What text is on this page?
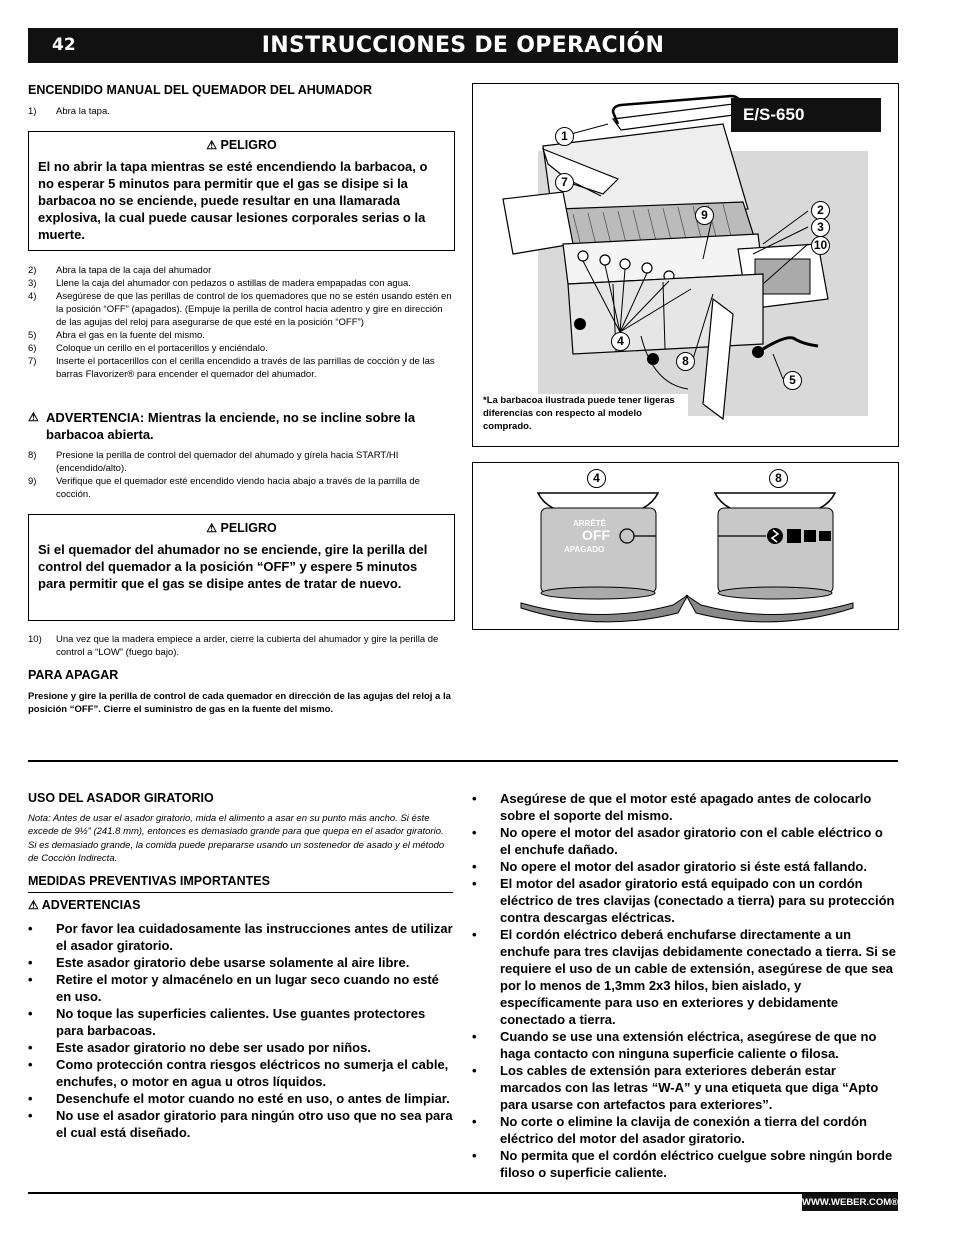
42	INSTRUCCIONES DE OPERACIÓN
ENCENDIDO MANUAL DEL QUEMADOR DEL AHUMADOR
1) Abra la tapa.
⚠ PELIGRO
El no abrir la tapa mientras se esté encendiendo la barbacoa, o no esperar 5 minutos para permitir que el gas se disipe si la barbacoa no se enciende, puede resultar en una llamarada explosiva, la cual puede causar lesiones corporales serias o la muerte.
2) Abra la tapa de la caja del ahumador
3) Llene la caja del ahumador con pedazos o astillas de madera empapadas con agua.
4) Asegúrese de que las perillas de control de los quemadores que no se estén usando estén en la posición “OFF” (apagados). (Empuje la perilla de control hacia adentro y gire en dirección de las agujas del reloj para asegurarse de que esté en la posición “OFF”)
5) Abra el gas en la fuente del mismo.
6) Coloque un cerillo en el portacerillos y enciéndalo.
7) Inserte el portacerillos con el cerilla encendido a través de las parrillas de cocción y de las barras Flavorizer® para encender el quemador del ahumador.
⚠ ADVERTENCIA: Mientras la enciende, no se incline sobre la barbacoa abierta.
8) Presione la perilla de control del quemador del ahumado y gírela hacia START/HI (encendido/alto).
9) Verifique que el quemador esté encendido viendo hacia abajo a través de la parrilla de cocción.
⚠ PELIGRO
Si el quemador del ahumador no se enciende, gire la perilla del control del quemador a la posición “OFF” y espere 5 minutos para permitir que el gas se disipe antes de tratar de nuevo.
10) Una vez que la madera empiece a arder, cierre la cubierta del ahumador y gire la perilla de control a “LOW” (fuego bajo).
PARA APAGAR
Presione y gire la perilla de control de cada quemador en dirección de las agujas del reloj a la posición “OFF”. Cierre el suministro de gas en la fuente del mismo.
E/S-650
1
7
9	2
3
10
4
8
5
*La barbacoa ilustrada puede tener ligeras diferencias con respecto al modelo comprado.
4	8
ARRÊTÉ
OFF
APAGADO
USO DEL ASADOR GIRATORIO
Nota: Antes de usar el asador giratorio, mida el alimento a asar en su punto más ancho. Si éste excede de 9½” (241.8 mm), entonces es demasiado grande para que quepa en el asador giratorio. Si es demasiado grande, la comida puede prepararse usando un sostenedor de asado y el método de Cocción Indirecta.
MEDIDAS PREVENTIVAS IMPORTANTES
⚠ ADVERTENCIAS
• Por favor lea cuidadosamente las instrucciones antes de utilizar el asador giratorio.
• Este asador giratorio debe usarse solamente al aire libre.
• Retire el motor y almacénelo en un lugar seco cuando no esté en uso.
• No toque las superficies calientes. Use guantes protectores para barbacoas.
• Este asador giratorio no debe ser usado por niños.
• Como protección contra riesgos eléctricos no sumerja el cable, enchufes, o motor en agua u otros líquidos.
• Desenchufe el motor cuando no esté en uso, o antes de limpiar.
• No use el asador giratorio para ningún otro uso que no sea para el cual está diseñado.
• Asegúrese de que el motor esté apagado antes de colocarlo sobre el soporte del mismo.
• No opere el motor del asador giratorio con el cable eléctrico o el enchufe dañado.
• No opere el motor del asador giratorio si éste está fallando.
• El motor del asador giratorio está equipado con un cordón eléctrico de tres clavijas (conectado a tierra) para su protección contra descargas eléctricas.
• El cordón eléctrico deberá enchufarse directamente a un enchufe para tres clavijas debidamente conectado a tierra. Si se requiere el uso de un cable de extensión, asegúrese de que sea por lo menos de 1,3mm 2x3 hilos, bien aislado, y específicamente para uso en exteriores y debidamente conectado a tierra.
• Cuando se use una extensión eléctrica, asegúrese de que no haga contacto con ninguna superficie caliente o filosa.
• Los cables de extensión para exteriores deberán estar marcados con las letras “W-A” y una etiqueta que diga “Apto para usarse con artefactos para exteriores”.
• No corte o elimine la clavija de conexión a tierra del cordón eléctrico del motor del asador giratorio.
• No permita que el cordón eléctrico cuelgue sobre ningún borde filoso o superficie caliente.
WWW.WEBER.COM®
